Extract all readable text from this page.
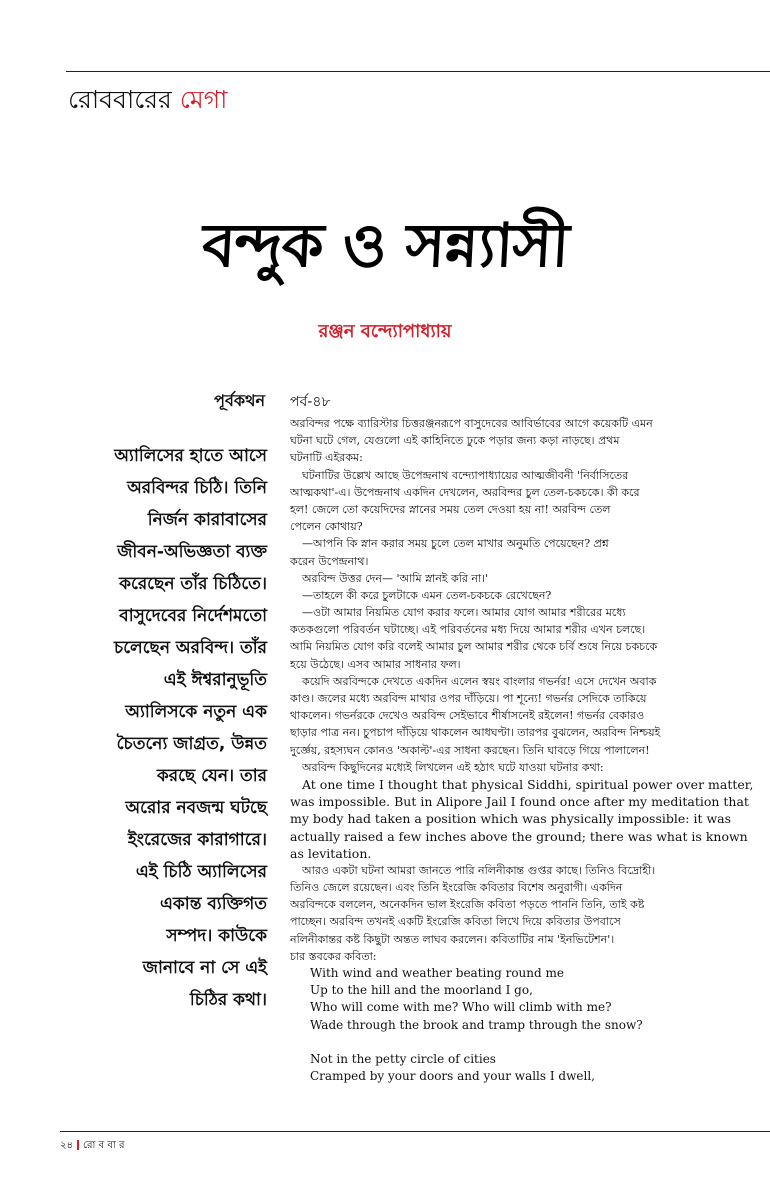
রোববারের মেগা
বন্দুক ও সন্ন্যাসী
রঞ্জন বন্দ্যোপাধ্যায়
পূর্বকথন পর্ব-৪৮
অ্যালিসের হাতে আসে
অরবিন্দর চিঠি। তিনি
নির্জন কারাবাসের
জীবন-অভিজ্ঞতা ব্যক্ত
করেছেন তাঁর চিঠিতে।
বাসুদেবের নির্দেশমতো
চলেছেন অরবিন্দ। তাঁর
এই ঈশ্বরানুভূতি
অ্যালিসকে নতুন এক
চৈতন্যে জাগ্রত, উন্নত
করছে যেন। তার
অরোর নবজন্ম ঘটছে
ইংরেজের কারাগারে।
এই চিঠি অ্যালিসের
একান্ত ব্যক্তিগত
সম্পদ। কাউকে
জানাবে না সে এই
চিঠির কথা।
অরবিন্দর পক্ষে ব্যারিস্টার চিত্তরঞ্জনরূপে বাসুদেবের আবির্ভাবের আগে কয়েকটি এমন
ঘটনা ঘটে গেল, যেগুলো এই কাহিনিতে ঢুকে পড়ার জন্য কড়া নাড়ছে। প্রথম
ঘটনাটি এইরকম:
ঘটনাটির উল্লেখ আছে উপেন্দ্রনাথ বন্দ্যোপাধ্যায়ের আত্মজীবনী 'নির্বাসিতের
আত্মকথা'-এ। উপেন্দ্রনাথ একদিন দেখলেন, অরবিন্দর চুল তেল-চকচকে। কী করে
হল! জেলে তো কয়েদিদের স্নানের সময় তেল দেওয়া হয় না! অরবিন্দ তেল
পেলেন কোথায়?
—আপনি কি স্নান করার সময় চুলে তেল মাখার অনুমতি পেয়েছেন? প্রশ্ন
করেন উপেন্দ্রনাথ।
অরবিন্দ উত্তর দেন— 'আমি স্নানই করি না।'
—তাহলে কী করে চুলটাকে এমন তেল-চকচকে রেখেছেন?
—ওটা আমার নিয়মিত যোগ করার ফলে। আমার যোগ আমার শরীরের মধ্যে
কতকগুলো পরিবর্তন ঘটাচ্ছে। এই পরিবর্তনের মধ্য দিয়ে আমার শরীর এখন চলছে।
আমি নিয়মিত যোগ করি বলেই আমার চুল আমার শরীর থেকে চর্বি শুষে নিয়ে চকচকে
হয়ে উঠেছে। এসব আমার সাধনার ফল।
কয়েদি অরবিন্দকে দেখতে একদিন এলেন স্বয়ং বাংলার গভর্নর! এসে দেখেন অবাক
কাণ্ড। জলের মধ্যে অরবিন্দ মাথার ওপর দাঁড়িয়ে। পা শূন্যে! গভর্নর সেদিকে তাকিয়ে
থাকলেন। গভর্নরকে দেখেও অরবিন্দ সেইভাবে শীর্ষাসনেই রইলেন! গভর্নর বেকারও
ছাড়ার পাত্র নন। চুপচাপ দাঁড়িয়ে থাকলেন আধঘণ্টা। তারপর বুঝলেন, অরবিন্দ নিশ্চয়ই
দুর্জ্ঞেয়, রহস্যঘন কোনও 'অকাল্ট'-এর সাধনা করছেন। তিনি ঘাবড়ে গিয়ে পালালেন!
অরবিন্দ কিছুদিনের মধ্যেই লিখলেন এই হঠাৎ ঘটে যাওয়া ঘটনার কথা:
At one time I thought that physical Siddhi, spiritual power over matter,
was impossible. But in Alipore Jail I found once after my meditation that
my body had taken a position which was physically impossible: it was
actually raised a few inches above the ground; there was what is known
as levitation.
আরও একটা ঘটনা আমরা জানতে পারি নলিনীকান্ত গুপ্তর কাছে। তিনিও বিদ্রোহী।
তিনিও জেলে রয়েছেন। এবং তিনি ইংরেজি কবিতার বিশেষ অনুরাগী। একদিন
অরবিন্দকে বললেন, অনেকদিন ভাল ইংরেজি কবিতা পড়তে পাননি তিনি, তাই কষ্ট
পাচ্ছেন। অরবিন্দ তখনই একটি ইংরেজি কবিতা লিখে দিয়ে কবিতার উপবাসে
নলিনীকান্তর কষ্ট কিছুটা অন্তত লাঘব করলেন। কবিতাটির নাম 'ইনভিটেশন'।
চার স্তবকের কবিতা:
With wind and weather beating round me
Up to the hill and the moorland I go,
Who will come with me? Who will climb with me?
Wade through the brook and tramp through the snow?
Not in the petty circle of cities
Cramped by your doors and your walls I dwell,
২৪ রো ব বা র
